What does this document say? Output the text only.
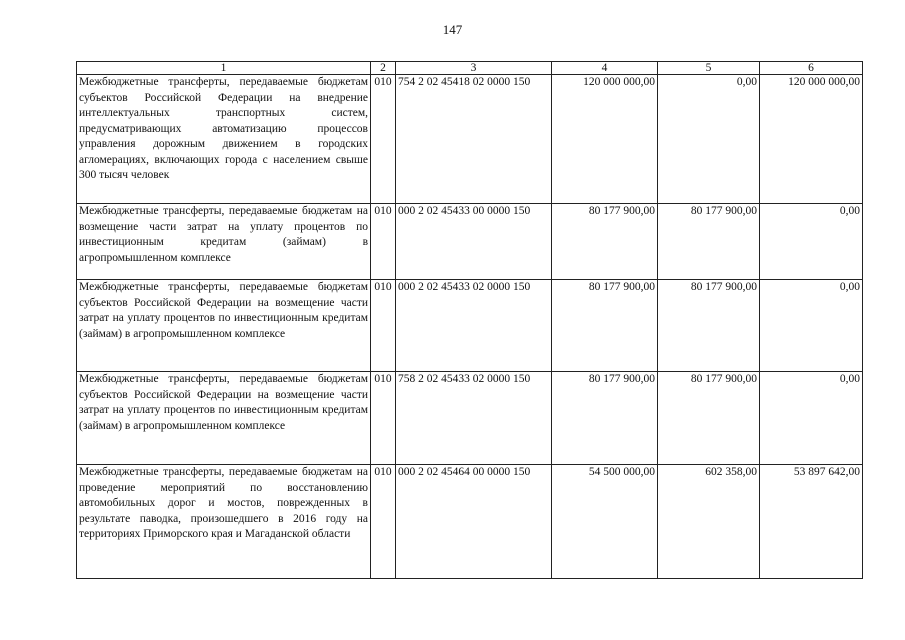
147
1	2	3	4	5	6
Межбюджетные трансферты, передаваемые бюджетам субъектов Российской Федерации на внедрение интеллектуальных транспортных систем, предусматривающих автоматизацию процессов управления дорожным движением в городских агломерациях, включающих города с населением свыше 300 тысяч человек	010	754 2 02 45418 02 0000 150	120 000 000,00	0,00	120 000 000,00
Межбюджетные трансферты, передаваемые бюджетам на возмещение части затрат на уплату процентов по инвестиционным кредитам (займам) в агропромышленном комплексе	010	000 2 02 45433 00 0000 150	80 177 900,00	80 177 900,00	0,00
Межбюджетные трансферты, передаваемые бюджетам субъектов Российской Федерации на возмещение части затрат на уплату процентов по инвестиционным кредитам (займам) в агропромышленном комплексе	010	000 2 02 45433 02 0000 150	80 177 900,00	80 177 900,00	0,00
Межбюджетные трансферты, передаваемые бюджетам субъектов Российской Федерации на возмещение части затрат на уплату процентов по инвестиционным кредитам (займам) в агропромышленном комплексе	010	758 2 02 45433 02 0000 150	80 177 900,00	80 177 900,00	0,00
Межбюджетные трансферты, передаваемые бюджетам на проведение мероприятий по восстановлению автомобильных дорог и мостов, поврежденных в результате паводка, произошедшего в 2016 году на территориях Приморского края и Магаданской области	010	000 2 02 45464 00 0000 150	54 500 000,00	602 358,00	53 897 642,00
